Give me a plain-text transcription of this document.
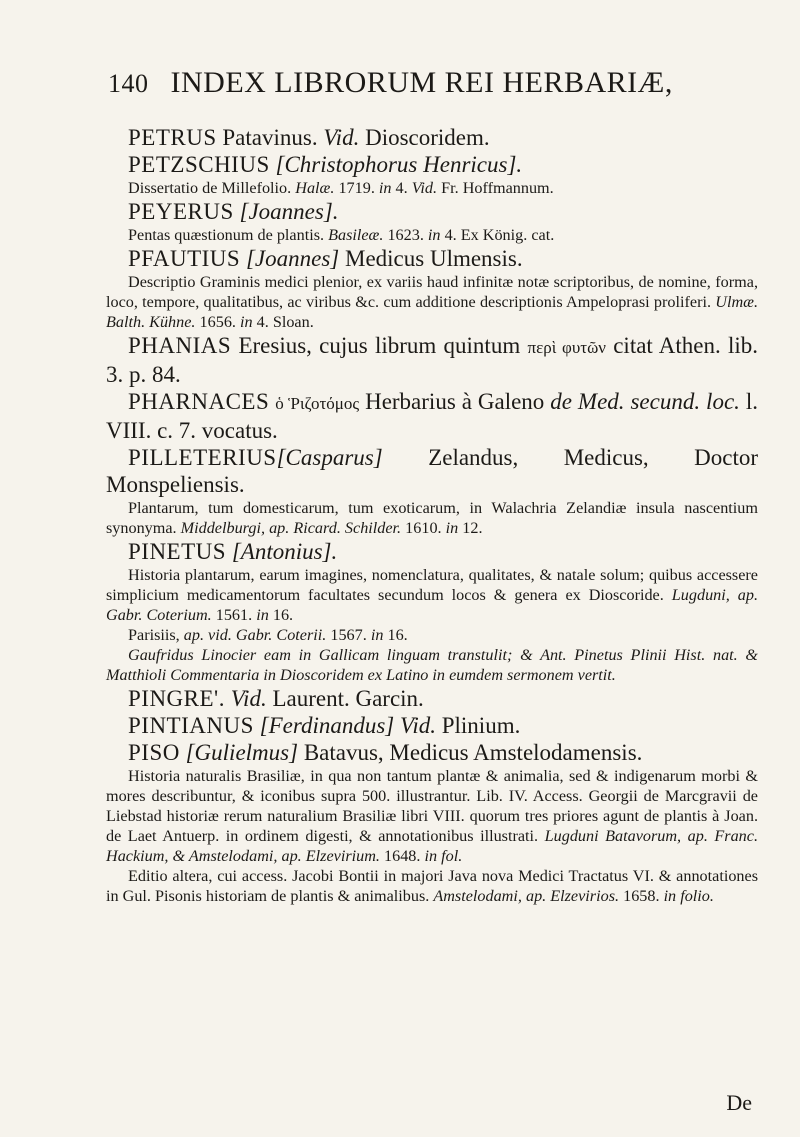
140 INDEX LIBRORUM REI HERBARIÆ,

PETRUS Patavinus. Vid. Dioscoridem.

PETZSCHIUS [Christophorus Henricus].

Dissertatio de Millefolio. Halæ. 1719. in 4. Vid. Fr. Hoffmannum.

PEYERUS [Joannes].

Pentas quæstionum de plantis. Basileæ. 1623. in 4. Ex König. cat.

PFAUTIUS [Joannes] Medicus Ulmensis.

Descriptio Graminis medici plenior, ex variis haud infinitæ notæ scriptoribus, de nomine, forma, loco, tempore, qualitatibus, ac viribus &c. cum additione descriptionis Ampeloprasi proliferi. Ulmæ. Balth. Kühne. 1656. in 4. Sloan.

PHANIAS Eresius, cujus librum quintum περὶ φυτῶν citat Athen. lib. 3. p. 84.

PHARNACES ὁ Ῥιζοτόμος Herbarius à Galeno de Med. secund. loc. l. VIII. c. 7. vocatus.

PILLETERIUS[Casparus] Zelandus, Medicus, Doctor Monspeliensis.

Plantarum, tum domesticarum, tum exoticarum, in Walachria Zelandiæ insula nascentium synonyma. Middelburgi, ap. Ricard. Schilder. 1610. in 12.

PINETUS [Antonius].

Historia plantarum, earum imagines, nomenclatura, qualitates, & natale solum; quibus accessere simplicium medicamentorum facultates secundum locos & genera ex Dioscoride. Lugduni, ap. Gabr. Coterium. 1561. in 16.

Parisiis, ap. vid. Gabr. Coterii. 1567. in 16.

Gaufridus Linocier eam in Gallicam linguam transtulit; & Ant. Pinetus Plinii Hist. nat. & Matthioli Commentaria in Dioscoridem ex Latino in eumdem sermonem vertit.

PINGRE'. Vid. Laurent. Garcin.

PINTIANUS [Ferdinandus] Vid. Plinium.

PISO [Gulielmus] Batavus, Medicus Amstelodamensis.

Historia naturalis Brasiliæ, in qua non tantum plantæ & animalia, sed & indigenarum morbi & mores describuntur, & iconibus supra 500. illustrantur. Lib. IV. Access. Georgii de Marcgravii de Liebstad historiæ rerum naturalium Brasiliæ libri VIII. quorum tres priores agunt de plantis à Joan. de Laet Antuerp. in ordinem digesti, & annotationibus illustrati. Lugduni Batavorum, ap. Franc. Hackium, & Amstelodami, ap. Elzevirium. 1648. in fol.

Editio altera, cui access. Jacobi Bontii in majori Java nova Medici Tractatus VI. & annotationes in Gul. Pisonis historiam de plantis & animalibus. Amstelodami, ap. Elzevirios. 1658. in folio.

De
